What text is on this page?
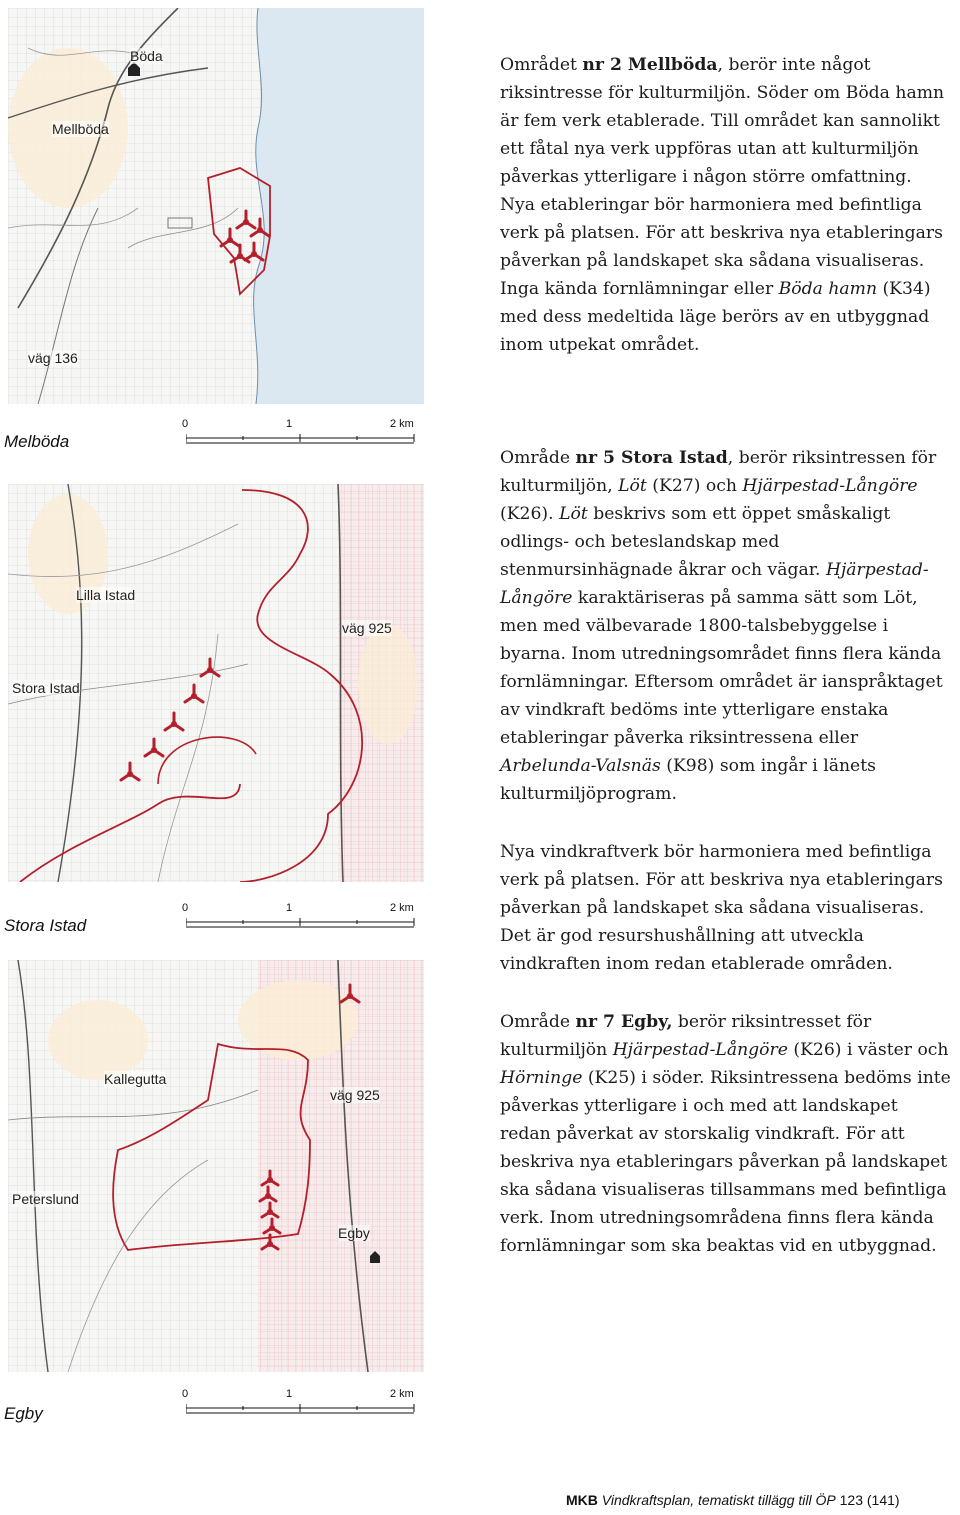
Böda
Mellböda
väg 136
Melböda
0	1	2 km
Lilla Istad
Stora Istad
väg 925
Stora Istad
0	1	2 km
Kallegutta
Peterslund
väg 925
Egby
Egby
0	1	2 km

Området nr 2 Mellböda, berör inte något riksintresse för kulturmiljön. Söder om Böda hamn är fem verk etablerade. Till området kan sannolikt ett fåtal nya verk uppföras utan att kulturmiljön påverkas ytterligare i någon större omfattning. Nya etableringar bör harmoniera med befintliga verk på platsen. För att beskriva nya etableringars påverkan på landskapet ska sådana visualiseras. Inga kända fornlämningar eller Böda hamn (K34) med dess medeltida läge berörs av en utbyggnad inom utpekat området.

Område nr 5 Stora Istad, berör riksintressen för kulturmiljön, Löt (K27) och Hjärpestad-Långöre (K26). Löt beskrivs som ett öppet småskaligt odlings- och beteslandskap med stenmursinhägnade åkrar och vägar. Hjärpestad-Långöre karaktäriseras på samma sätt som Löt, men med välbevarade 1800-talsbebyggelse i byarna. Inom utredningsområdet finns flera kända fornlämningar. Eftersom området är ianspråktaget av vindkraft bedöms inte ytterligare enstaka etableringar påverka riksintressena eller Arbelunda-Valsnäs (K98) som ingår i länets kulturmiljöprogram.

Nya vindkraftverk bör harmoniera med befintliga verk på platsen. För att beskriva nya etableringars påverkan på landskapet ska sådana visualiseras. Det är god resurshushållning att utveckla vindkraften inom redan etablerade områden.

Område nr 7 Egby, berör riksintresset för kulturmiljön Hjärpestad-Långöre (K26) i väster och Hörninge (K25) i söder. Riksintressena bedöms inte påverkas ytterligare i och med att landskapet redan påverkat av storskalig vindkraft. För att beskriva nya etableringars påverkan på landskapet ska sådana visualiseras tillsammans med befintliga verk. Inom utredningsområdena finns flera kända fornlämningar som ska beaktas vid en utbyggnad.

MKB Vindkraftsplan, tematiskt tillägg till ÖP 123 (141)
